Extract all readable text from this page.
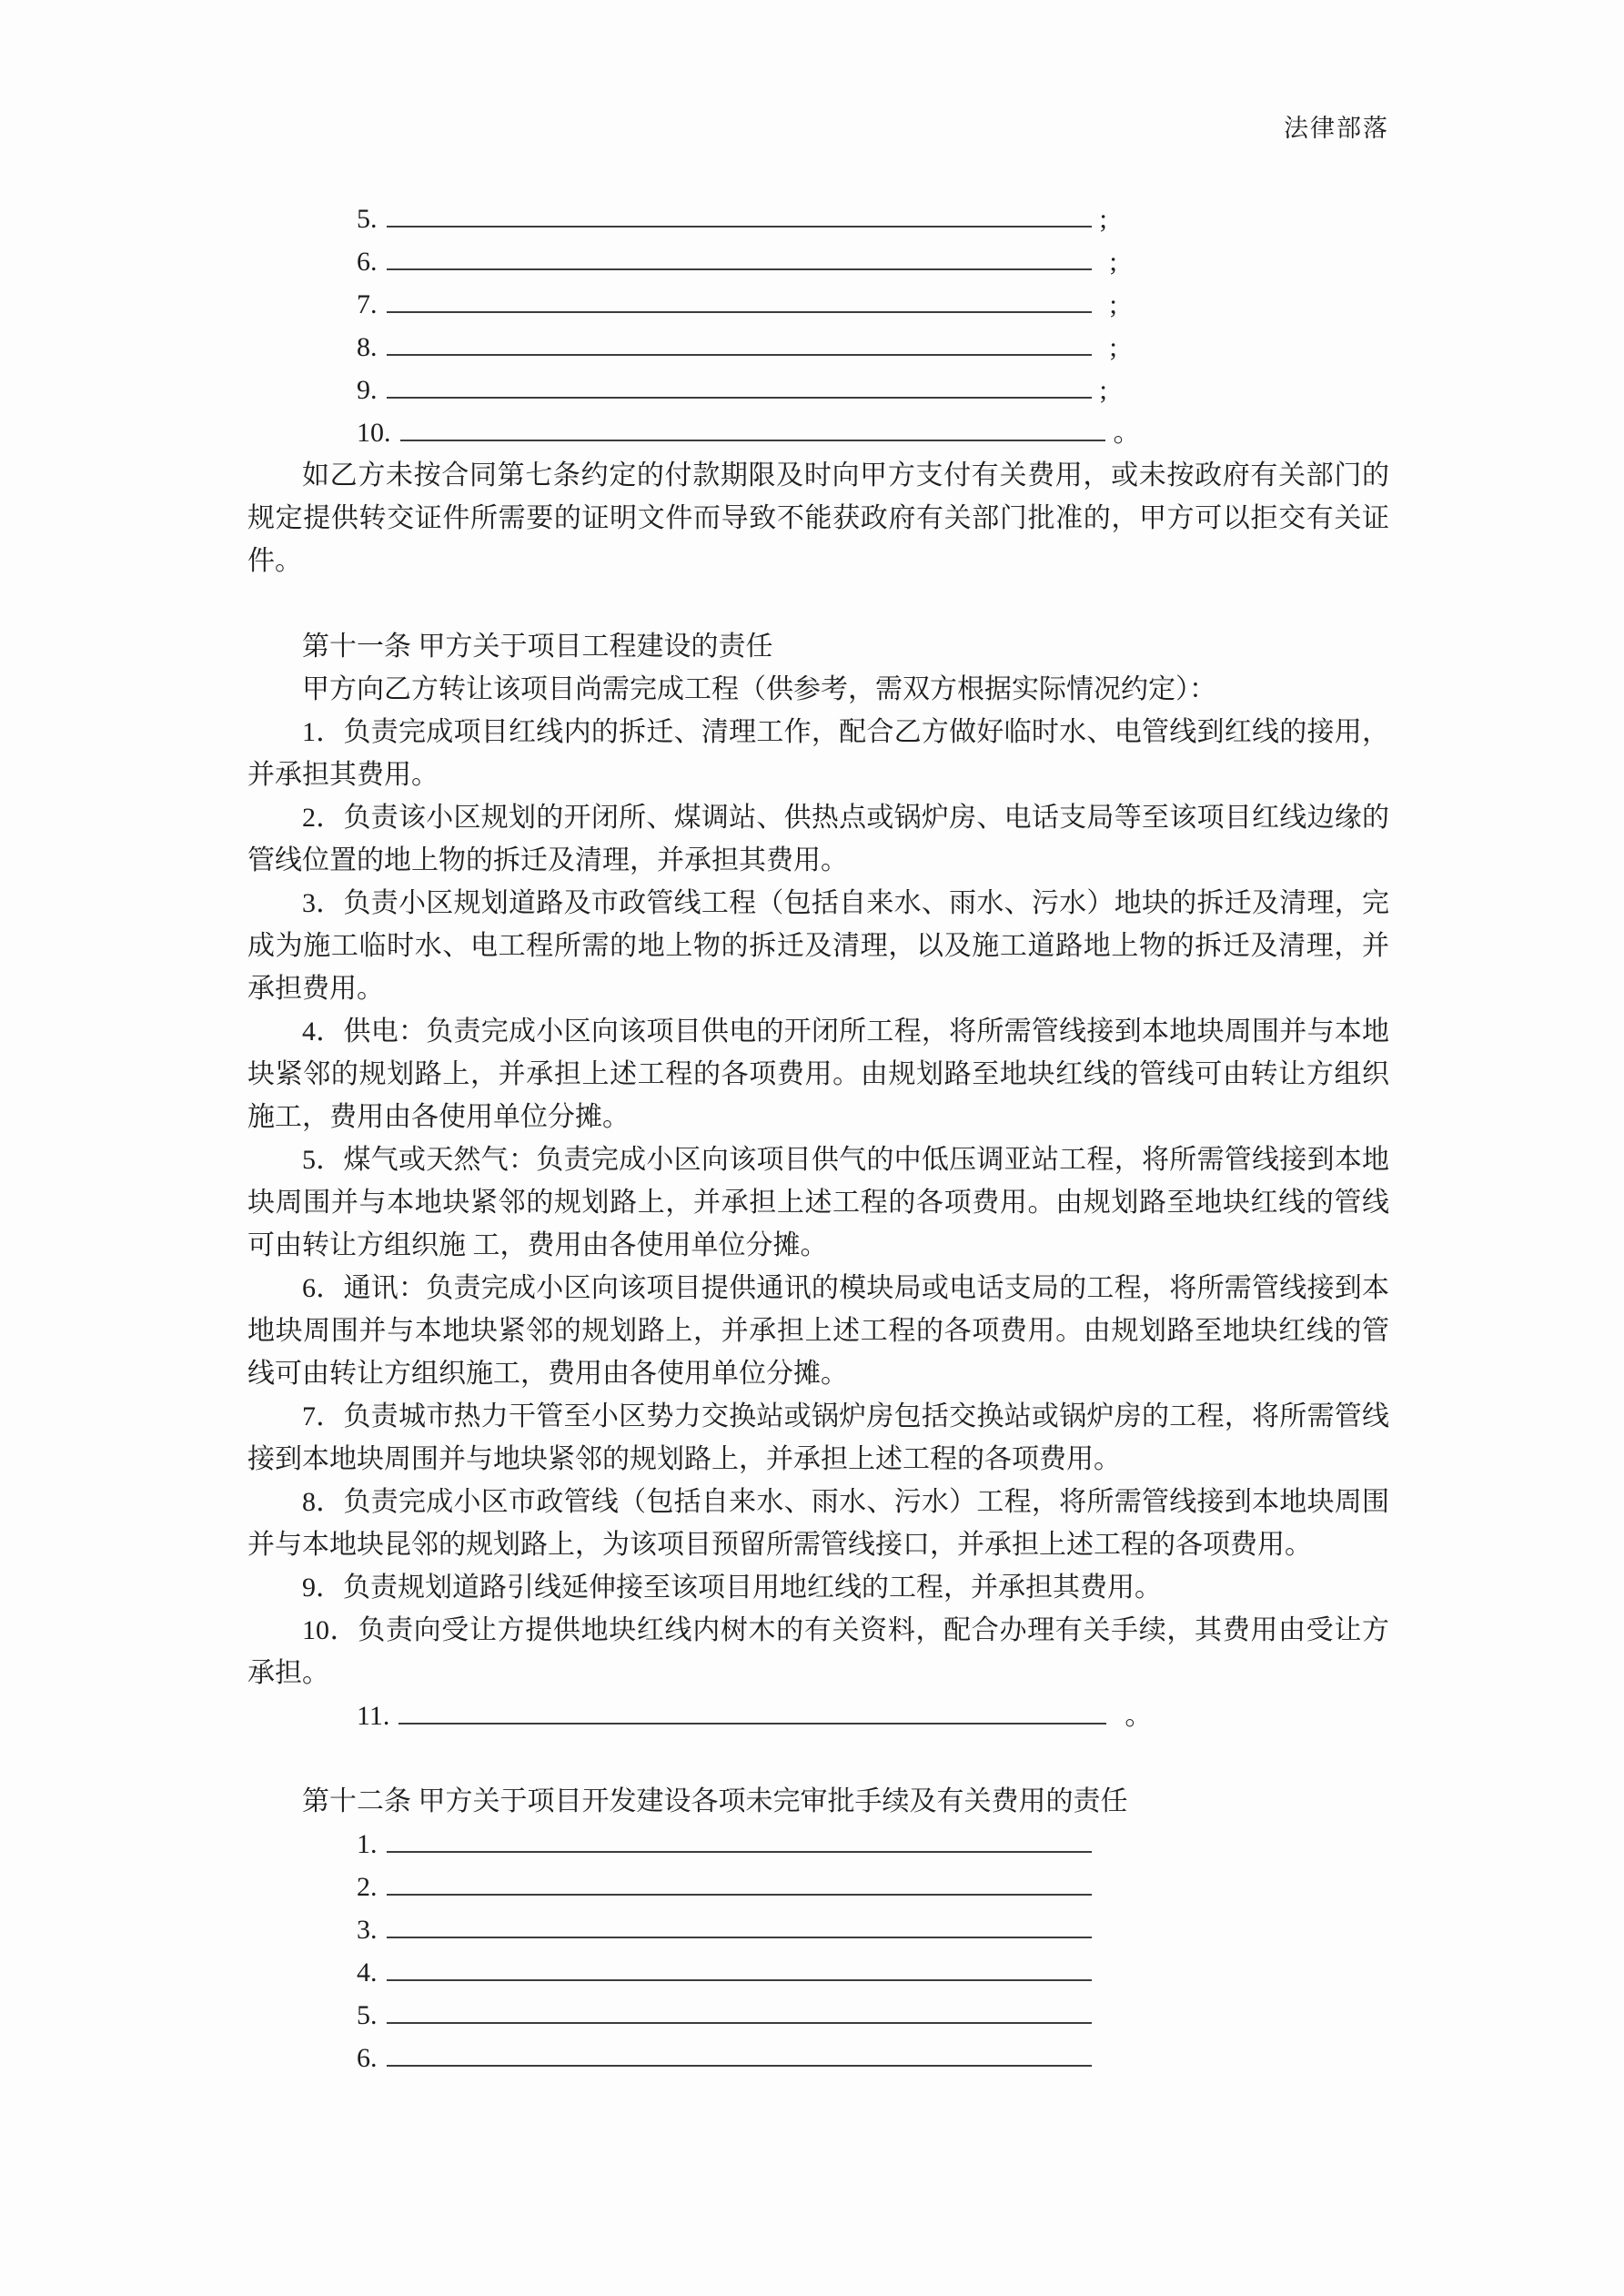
法律部落
5.	;
6.	;
7.	;
8.	;
9.	;
10.	。

如乙方未按合同第七条约定的付款期限及时向甲方支付有关费用，或未按政府有关部门的规定提供转交证件所需要的证明文件而导致不能获政府有关部门批准的，甲方可以拒交有关证件。

第十一条 甲方关于项目工程建设的责任

甲方向乙方转让该项目尚需完成工程（供参考，需双方根据实际情况约定）：

1．负责完成项目红线内的拆迁、清理工作，配合乙方做好临时水、电管线到红线的接用，并承担其费用。

2．负责该小区规划的开闭所、煤调站、供热点或锅炉房、电话支局等至该项目红线边缘的管线位置的地上物的拆迁及清理，并承担其费用。

3．负责小区规划道路及市政管线工程（包括自来水、雨水、污水）地块的拆迁及清理，完成为施工临时水、电工程所需的地上物的拆迁及清理，以及施工道路地上物的拆迁及清理，并承担费用。

4．供电：负责完成小区向该项目供电的开闭所工程，将所需管线接到本地块周围并与本地块紧邻的规划路上，并承担上述工程的各项费用。由规划路至地块红线的管线可由转让方组织施工，费用由各使用单位分摊。

5．煤气或天然气：负责完成小区向该项目供气的中低压调亚站工程，将所需管线接到本地块周围并与本地块紧邻的规划路上，并承担上述工程的各项费用。由规划路至地块红线的管线可由转让方组织施 工，费用由各使用单位分摊。

6．通讯：负责完成小区向该项目提供通讯的模块局或电话支局的工程，将所需管线接到本地块周围并与本地块紧邻的规划路上，并承担上述工程的各项费用。由规划路至地块红线的管线可由转让方组织施工，费用由各使用单位分摊。

7．负责城市热力干管至小区势力交换站或锅炉房包括交换站或锅炉房的工程，将所需管线接到本地块周围并与地块紧邻的规划路上，并承担上述工程的各项费用。

8．负责完成小区市政管线（包括自来水、雨水、污水）工程，将所需管线接到本地块周围并与本地块昆邻的规划路上，为该项目预留所需管线接口，并承担上述工程的各项费用。

9．负责规划道路引线延伸接至该项目用地红线的工程，并承担其费用。

10．负责向受让方提供地块红线内树木的有关资料，配合办理有关手续，其费用由受让方承担。

11.	。
第十二条 甲方关于项目开发建设各项未完审批手续及有关费用的责任
1.
2.
3.
4.
5.
6.
